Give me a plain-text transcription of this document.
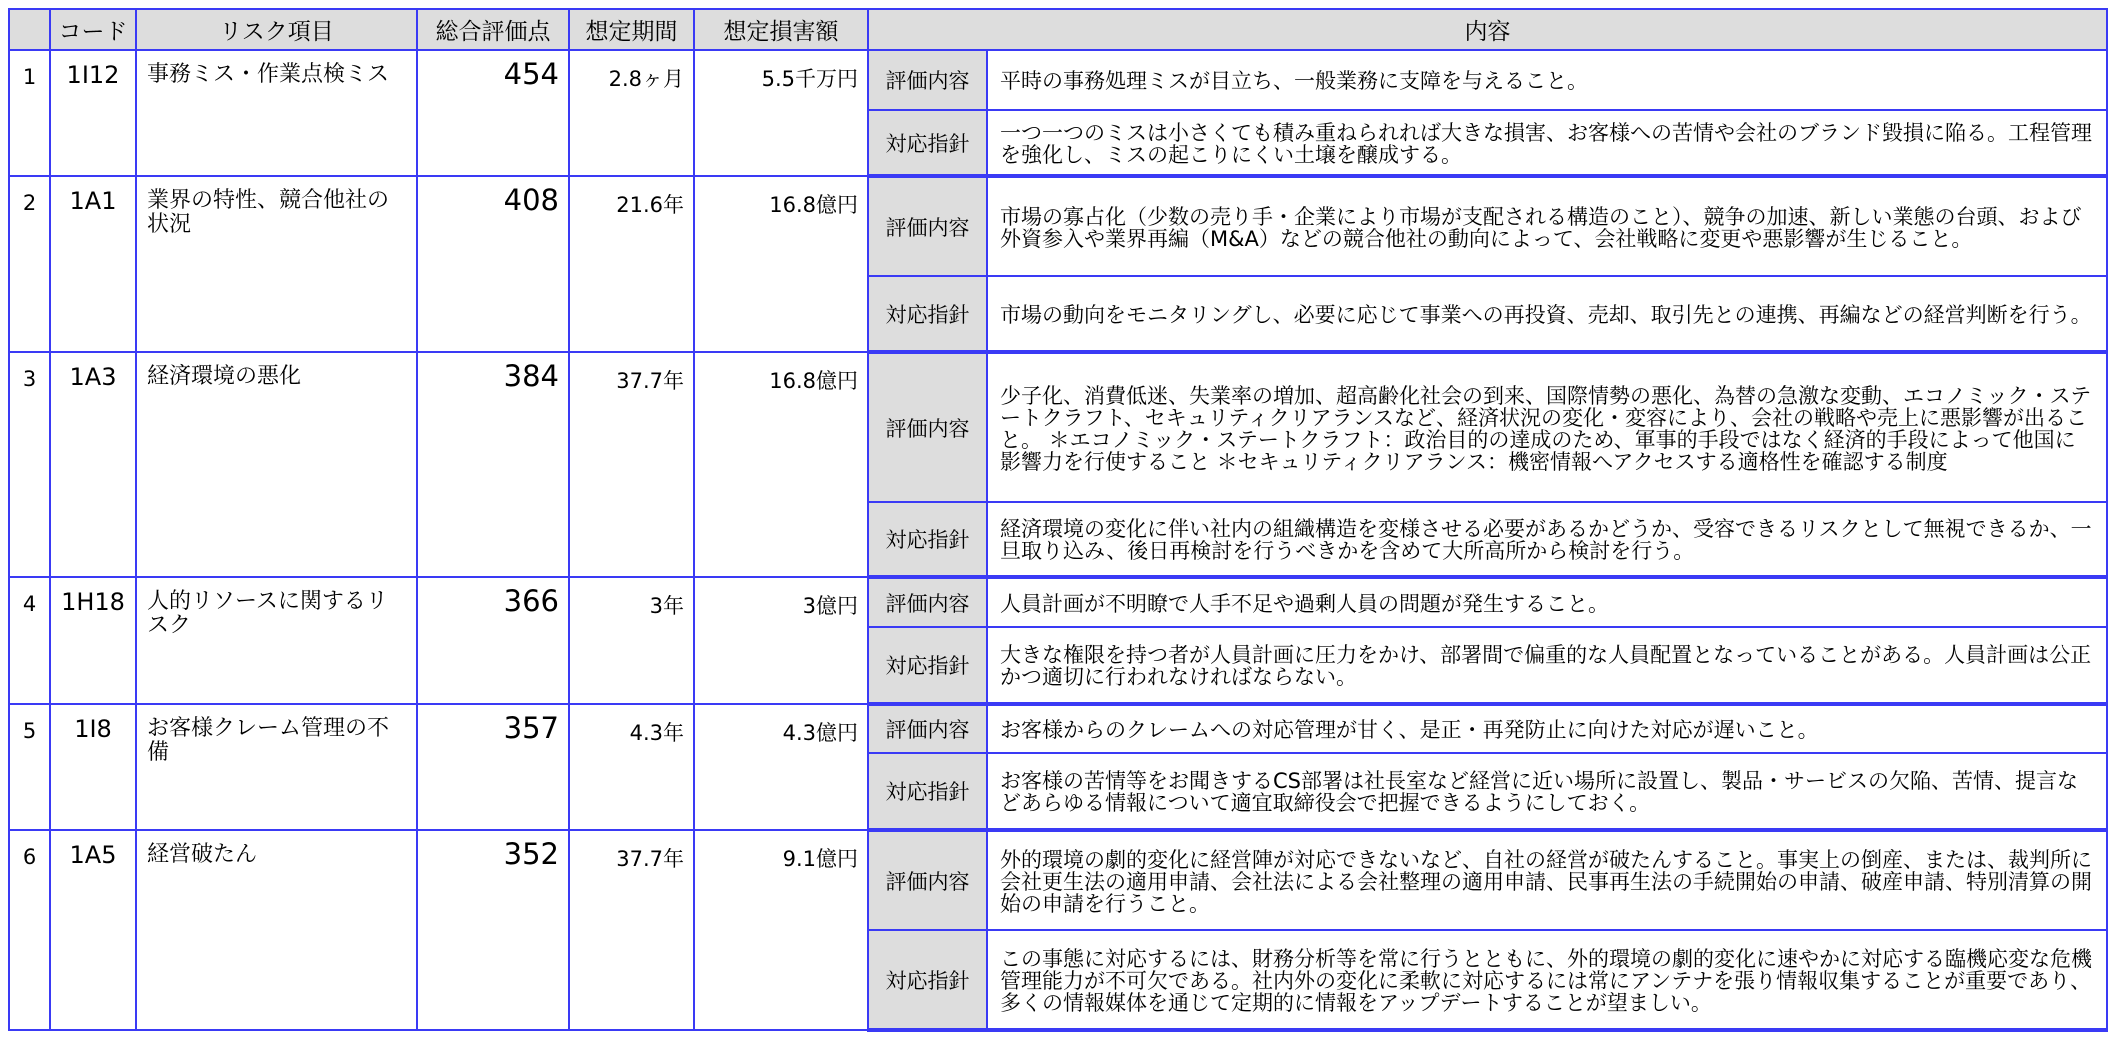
	コード	リスク項目	総合評価点	想定期間	想定損害額	内容	
1	1I12	事務ミス・作業点検ミス	454	2.8ヶ月	5.5千万円	評価内容	平時の事務処理ミスが目立ち、一般業務に支障を与えること。
						対応指針	一つ一つのミスは小さくても積み重ねられれば大きな損害、お客様への苦情や会社のブランド毀損に陥る。工程管理を強化し、ミスの起こりにくい土壌を醸成する。
2	1A1	業界の特性、競合他社の状況	408	21.6年	16.8億円	評価内容	市場の寡占化（少数の売り手・企業により市場が支配される構造のこと）、競争の加速、新しい業態の台頭、および外資参入や業界再編（M&A）などの競合他社の動向によって、会社戦略に変更や悪影響が生じること。
						対応指針	市場の動向をモニタリングし、必要に応じて事業への再投資、売却、取引先との連携、再編などの経営判断を行う。
3	1A3	経済環境の悪化	384	37.7年	16.8億円	評価内容	少子化、消費低迷、失業率の増加、超高齢化社会の到来、国際情勢の悪化、為替の急激な変動、エコノミック・ステートクラフト、セキュリティクリアランスなど、経済状況の変化・変容により、会社の戦略や売上に悪影響が出ること。 ＊エコノミック・ステートクラフト：政治目的の達成のため、軍事的手段ではなく経済的手段によって他国に影響力を行使すること ＊セキュリティクリアランス：機密情報へアクセスする適格性を確認する制度
						対応指針	経済環境の変化に伴い社内の組織構造を変様させる必要があるかどうか、受容できるリスクとして無視できるか、一旦取り込み、後日再検討を行うべきかを含めて大所高所から検討を行う。
4	1H18	人的リソースに関するリスク	366	3年	3億円	評価内容	人員計画が不明瞭で人手不足や過剰人員の問題が発生すること。
						対応指針	大きな権限を持つ者が人員計画に圧力をかけ、部署間で偏重的な人員配置となっていることがある。人員計画は公正かつ適切に行われなければならない。
5	1I8	お客様クレーム管理の不備	357	4.3年	4.3億円	評価内容	お客様からのクレームへの対応管理が甘く、是正・再発防止に向けた対応が遅いこと。
						対応指針	お客様の苦情等をお聞きするCS部署は社長室など経営に近い場所に設置し、製品・サービスの欠陥、苦情、提言などあらゆる情報について適宜取締役会で把握できるようにしておく。
6	1A5	経営破たん	352	37.7年	9.1億円	評価内容	外的環境の劇的変化に経営陣が対応できないなど、自社の経営が破たんすること。事実上の倒産、または、裁判所に会社更生法の適用申請、会社法による会社整理の適用申請、民事再生法の手続開始の申請、破産申請、特別清算の開始の申請を行うこと。
						対応指針	この事態に対応するには、財務分析等を常に行うとともに、外的環境の劇的変化に速やかに対応する臨機応変な危機管理能力が不可欠である。社内外の変化に柔軟に対応するには常にアンテナを張り情報収集することが重要であり、多くの情報媒体を通じて定期的に情報をアップデートすることが望ましい。
